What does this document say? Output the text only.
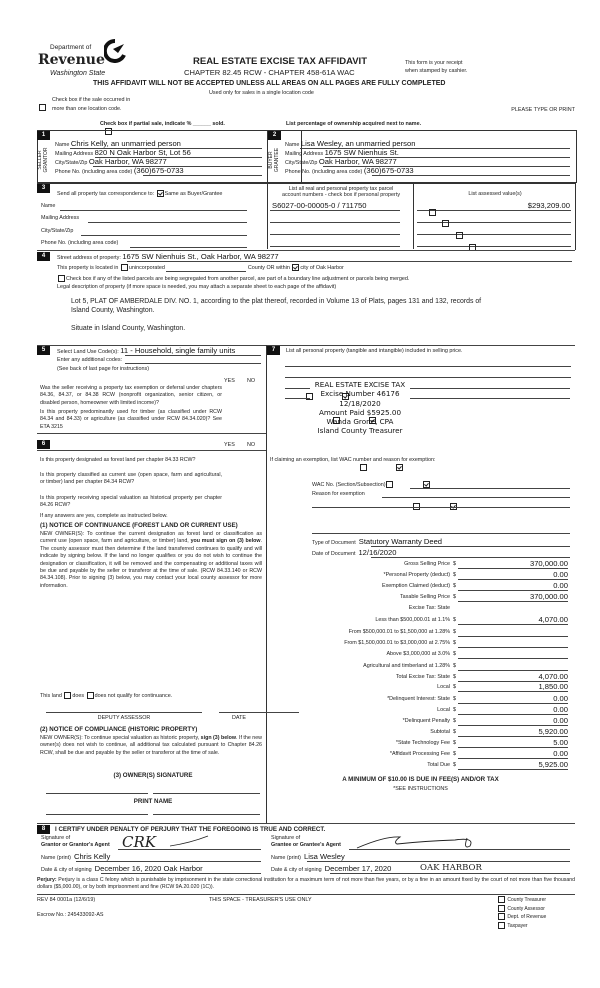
Department of
Revenue
Washington State
REAL ESTATE EXCISE TAX AFFIDAVIT
CHAPTER 82.45 RCW - CHAPTER 458-61A WAC
THIS AFFIDAVIT WILL NOT BE ACCEPTED UNLESS ALL AREAS ON ALL PAGES ARE FULLY COMPLETED
Used only for sales in a single location code
This form is your receipt
when stamped by cashier.

Check box if the sale occurred in
more than one location code.	PLEASE TYPE OR PRINT

Check box if partial sale, indicate % ______ sold.	List percentage of ownership acquired next to name.
1
SELLER
GRANTOR
Name Chris Kelly, an unmarried person
Mailing Address 820 N Oak Harbor St, Lot 56
City/State/Zip Oak Harbor, WA 98277
Phone No. (including area code) (360)675-0733
2
BUYER
GRANTEE
Name Lisa Wesley, an unmarried person
Mailing Address 1675 SW Nienhuis St.
City/State/Zip Oak Harbor, WA 98277
Phone No. (including area code) (360)675-0733
3
Send all property tax correspondence to: Same as Buyer/Grantee
Name
Mailing Address
City/State/Zip
Phone No. (including area code)
List all real and personal property tax parcel
account numbers - check box if personal property	List assessed value(s)
S6027-00-00005-0 / 711750	$293,209.00

4	Street address of property: 1675 SW Nienhuis St., Oak Harbor, WA 98277
This property is located in unincorporated	County OR within city of Oak Harbor
Check box if any of the listed parcels are being segregated from another parcel, are part of a boundary line adjustment or parcels being merged.
Legal description of property (if more space is needed, you may attach a separate sheet to each page of the affidavit)
Lot 5, PLAT OF AMBERDALE DIV. NO. 1, according to the plat thereof, recorded in Volume 13 of Plats, pages 131 and 132, records of
Island County, Washington.
Situate in Island County, Washington.
5	Select Land Use Code(s): 11 - Household, single family units
Enter any additional codes:
(See back of last page for instructions)
YES NO
Was the seller receiving a property tax exemption or deferral under chapters 84.36, 84.37, or 84.38 RCW (nonprofit organization, senior citizen, or disabled person, homeowner with limited income)?

Is this property predominantly used for timber (as classified under RCW 84.34 and 84.33) or agriculture (as classified under RCW 84.34.020)? See ETA 3215

6	YES NO
Is this property designated as forest land per chapter 84.33 RCW?

Is this property classified as current use (open space, farm and agricultural, or timber) land per chapter 84.34 RCW?

Is this property receiving special valuation as historical property per chapter 84.26 RCW?

If any answers are yes, complete as instructed below.
(1) NOTICE OF CONTINUANCE (FOREST LAND OR CURRENT USE)
NEW OWNER(S): To continue the current designation as forest land or classification as current use (open space, farm and agriculture, or timber) land, you must sign on (3) below. The county assessor must then determine if the land transferred continues to qualify and will indicate by signing below. If the land no longer qualifies or you do not wish to continue the designation or classification, it will be removed and the compensating or additional taxes will be due and payable by the seller or transferor at the time of sale. (RCW 84.33.140 or RCW 84.34.108). Prior to signing (3) below, you may contact your local county assessor for more information.
This land does does not qualify for continuance.
DEPUTY ASSESSOR	DATE
(2) NOTICE OF COMPLIANCE (HISTORIC PROPERTY)
NEW OWNER(S): To continue special valuation as historic property, sign (3) below. If the new owner(s) does not wish to continue, all additional tax calculated pursuant to Chapter 84.26 RCW, shall be due and payable by the seller or transferor at the time of sale.
(3) OWNER(S) SIGNATURE
PRINT NAME
7	List all personal property (tangible and intangible) included in selling price.
REAL ESTATE EXCISE TAX
Excise Number 46176
12/18/2020
Amount Paid $5925.00
Wanda Grone, CPA
Island County Treasurer
If claiming an exemption, list WAC number and reason for exemption:
WAC No. (Section/Subsection)
Reason for exemption
Type of Document Statutory Warranty Deed
Date of Document 12/16/2020
Gross Selling Price $	370,000.00
*Personal Property (deduct) $	0.00
Exemption Claimed (deduct) $	0.00
Taxable Selling Price $	370,000.00
Less than $500,000.01 at 1.1% $	4,070.00
From $500,000.01 to $1,500,000 at 1.28% $
From $1,500,000.01 to $3,000,000 at 2.75% $
Above $3,000,000 at 3.0% $
Agricultural and timberland at 1.28% $
Total Excise Tax: State $	4,070.00
Local $	1,850.00
*Delinquent Interest: State $	0.00
Local $	0.00
*Delinquent Penalty $	0.00
Subtotal $	5,920.00
*State Technology Fee $	5.00
*Affidavit Processing Fee $	0.00
Total Due $	5,925.00
Excise Tax: State
A MINIMUM OF $10.00 IS DUE IN FEE(S) AND/OR TAX
*SEE INSTRUCTIONS
8	I CERTIFY UNDER PENALTY OF PERJURY THAT THE FOREGOING IS TRUE AND CORRECT.
Signature of
Grantor or Grantor's Agent CRK	Signature of
Grantee or Grantee's Agent
Name (print) Chris Kelly	Name (print) Lisa Wesley
Date & city of signing December 16, 2020 Oak Harbor	Date & city of signing December 17, 2020	OAK HARBOR
Perjury: Perjury is a class C felony which is punishable by imprisonment in the state correctional institution for a maximum term of not more than five years, or by a fine in an amount fixed by the court of not more than five thousand dollars ($5,000.00), or by both imprisonment and fine (RCW 9A.20.020 (1C)).
REV 84 0001a (12/6/19)	THIS SPACE - TREASURER'S USE ONLY
Escrow No.: 245433092-AS
County Treasurer
County Assessor
Dept. of Revenue
Taxpayer
